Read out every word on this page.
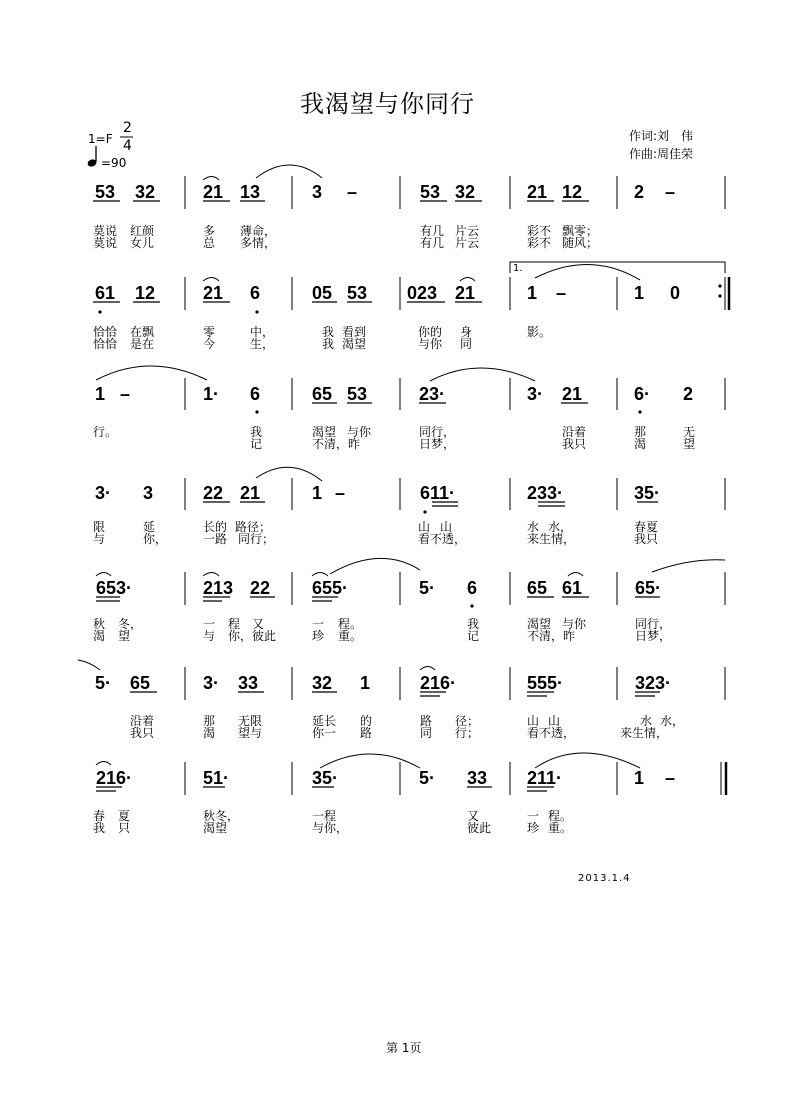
我渴望与你同行
1=F
2
4
=90
作词:刘　伟
作曲:周佳荣
1.
53 32	21 13	3 –	53 32	21 12	2 –
莫说 红颜	多 薄命，	有几 片云	彩不 飘零；
莫说 女儿	总 多情，	有几 片云	彩不 随风；
61 12	21 6	05 53 023 21	1 –	1 0
恰恰 在飘	零	中，	我 看到	你的 身	影。
恰恰 是在	今	生，	我 渴望	与你 同
1 –	1· 6	65 53	23·	3· 21	6· 2
行。	我	渴望 与你	同行，	沿着	那	无
记	不清，昨	日梦，	我只	渴	望
3· 3	22 21	1 –	611·	233·	35·
限	延	长的 路径；	山 山	水 水，	春夏
与	你，	一路 同行；	看不透，	来生情，	我只
653·	213 22 655·	5· 6	65 61	65·
秋 冬，	一 程 又	一 程。	我	渴望 与你	同行，
渴 望	与 你，彼此	珍 重。	记	不清，昨	日梦，
5· 65	3· 33	32 1	216·	555·	323·
沿着	那 无限	延长 的	路 径；	山 山	水 水，
我只	渴 望与	你一 路	同 行；	看不透，	来生情，
216·	51·	35·	5· 33 211·	1 –
春 夏	秋冬，	一程	又	一 程。
我 只	渴望	与你，	彼此	珍 重。
2013.1.4
第 1页
